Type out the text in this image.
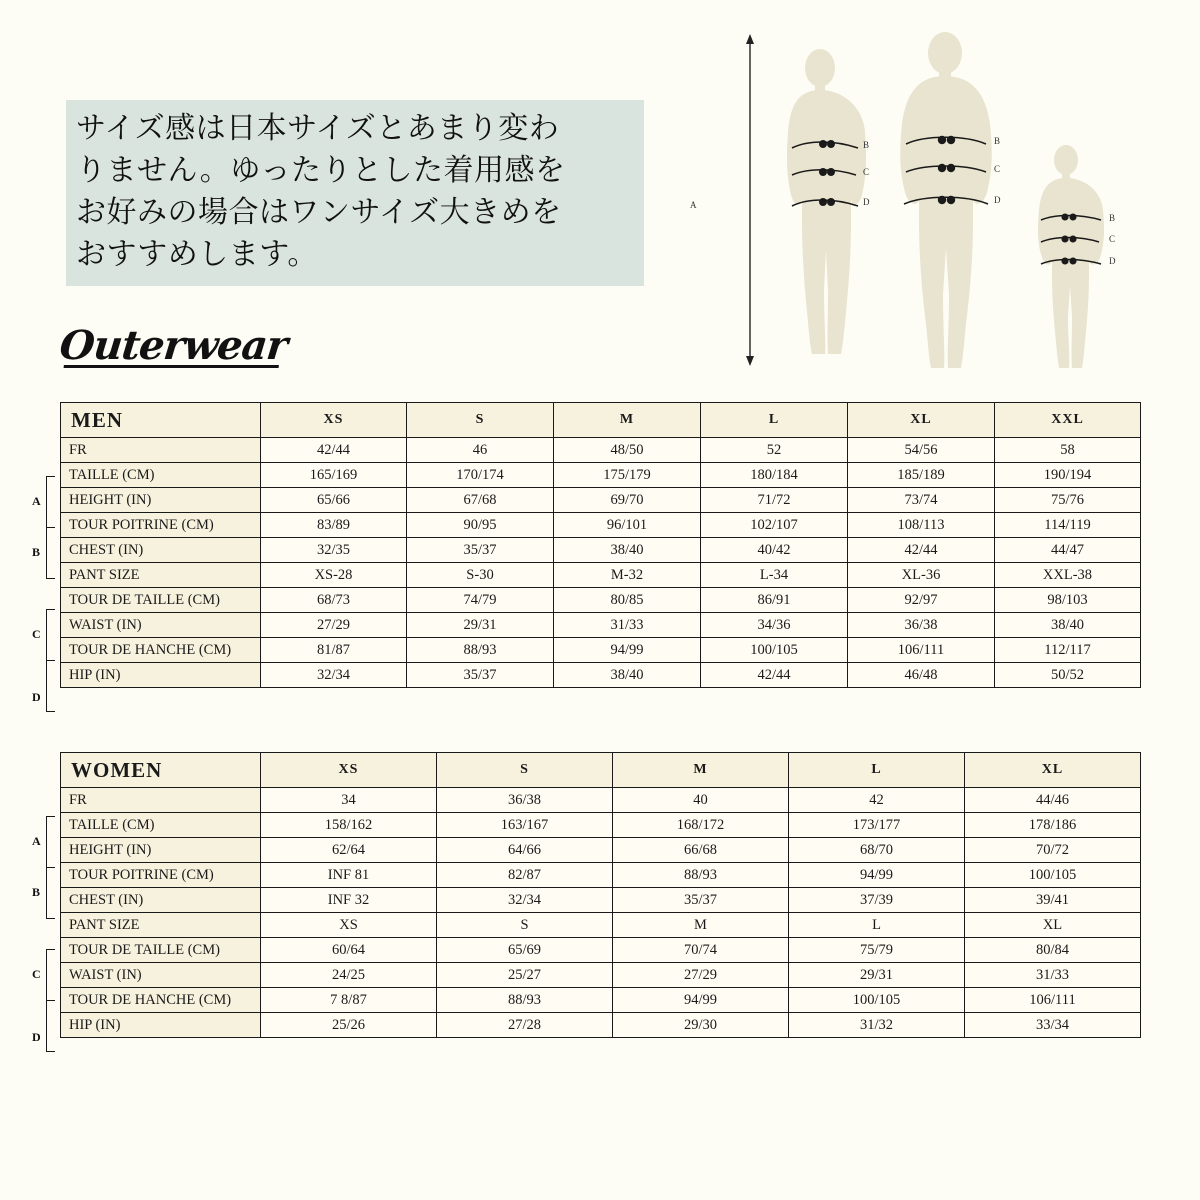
サイズ感は日本サイズとあまり変わ
りません。ゆったりとした着用感を
お好みの場合はワンサイズ大きめを
おすすめします。
A
B
C
D
B
C
D
B
C
D
Outerwear
MEN	XS	S	M	L	XL	XXL
FR	42/44	46	48/50	52	54/56	58
TAILLE (CM)	165/169	170/174	175/179	180/184	185/189	190/194
HEIGHT (IN)	65/66	67/68	69/70	71/72	73/74	75/76
TOUR POITRINE (CM)	83/89	90/95	96/101	102/107	108/113	114/119
CHEST (IN)	32/35	35/37	38/40	40/42	42/44	44/47
PANT SIZE	XS-28	S-30	M-32	L-34	XL-36	XXL-38
TOUR DE TAILLE (CM)	68/73	74/79	80/85	86/91	92/97	98/103
WAIST (IN)	27/29	29/31	31/33	34/36	36/38	38/40
TOUR DE HANCHE (CM)	81/87	88/93	94/99	100/105	106/111	112/117
HIP (IN)	32/34	35/37	38/40	42/44	46/48	50/52
A
B
C
D
WOMEN	XS	S	M	L	XL
FR	34	36/38	40	42	44/46
TAILLE (CM)	158/162	163/167	168/172	173/177	178/186
HEIGHT (IN)	62/64	64/66	66/68	68/70	70/72
TOUR POITRINE (CM)	INF 81	82/87	88/93	94/99	100/105
CHEST (IN)	INF 32	32/34	35/37	37/39	39/41
PANT SIZE	XS	S	M	L	XL
TOUR DE TAILLE (CM)	60/64	65/69	70/74	75/79	80/84
WAIST (IN)	24/25	25/27	27/29	29/31	31/33
TOUR DE HANCHE (CM)	7 8/87	88/93	94/99	100/105	106/111
HIP (IN)	25/26	27/28	29/30	31/32	33/34
A
B
C
D
